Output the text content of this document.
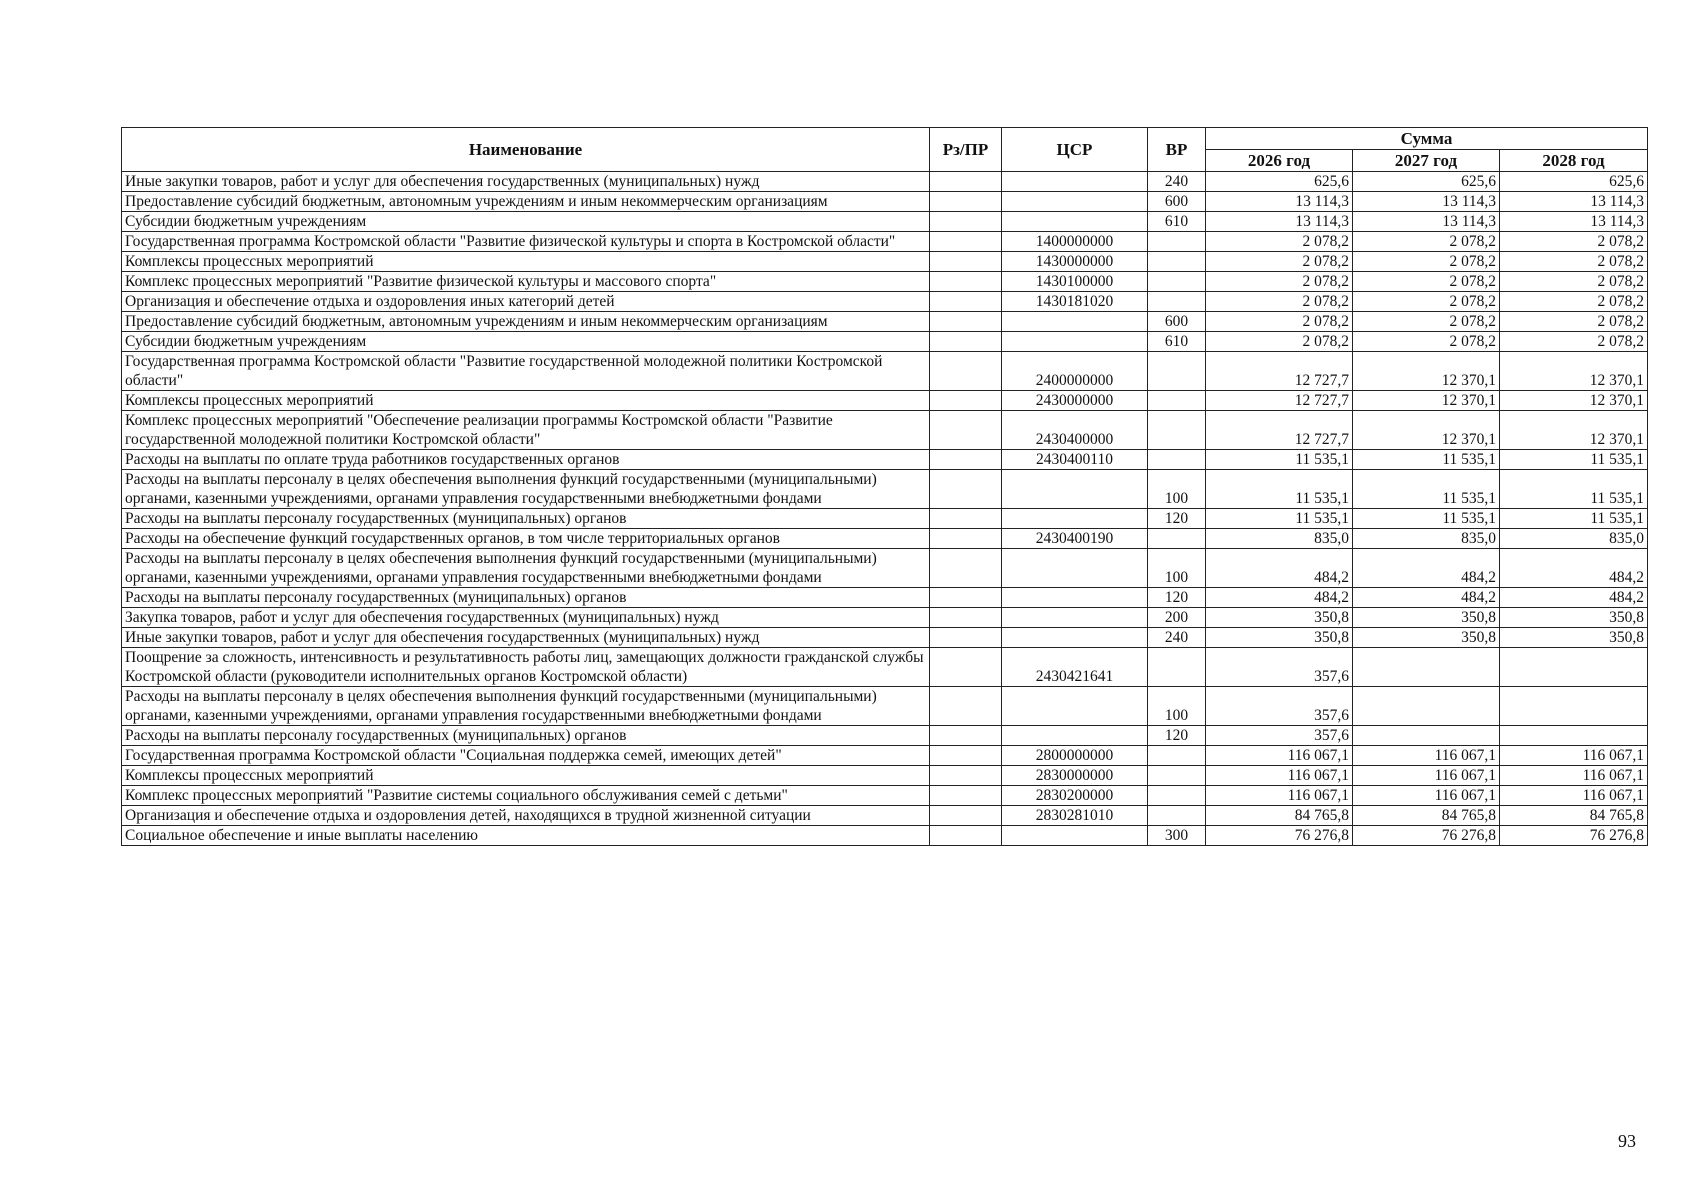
Наименование	Рз/ПР	ЦСР	ВР	Сумма		
				2026 год	2027 год	2028 год
Иные закупки товаров, работ и услуг для обеспечения государственных (муниципальных) нужд			240	625,6	625,6	625,6
Предоставление субсидий бюджетным, автономным учреждениям и иным некоммерческим организациям			600	13 114,3	13 114,3	13 114,3
Субсидии бюджетным учреждениям			610	13 114,3	13 114,3	13 114,3
Государственная программа Костромской области "Развитие физической культуры и спорта в Костромской области"		1400000000		2 078,2	2 078,2	2 078,2
Комплексы процессных мероприятий		1430000000		2 078,2	2 078,2	2 078,2
Комплекс процессных мероприятий "Развитие физической культуры и массового спорта"		1430100000		2 078,2	2 078,2	2 078,2
Организация и обеспечение отдыха и оздоровления иных категорий детей		1430181020		2 078,2	2 078,2	2 078,2
Предоставление субсидий бюджетным, автономным учреждениям и иным некоммерческим организациям			600	2 078,2	2 078,2	2 078,2
Субсидии бюджетным учреждениям			610	2 078,2	2 078,2	2 078,2
Государственная программа Костромской области "Развитие государственной молодежной политики Костромской области"		2400000000		12 727,7	12 370,1	12 370,1
Комплексы процессных мероприятий		2430000000		12 727,7	12 370,1	12 370,1
Комплекс процессных мероприятий "Обеспечение реализации программы Костромской области "Развитие государственной молодежной политики Костромской области"		2430400000		12 727,7	12 370,1	12 370,1
Расходы на выплаты по оплате труда работников государственных органов		2430400110		11 535,1	11 535,1	11 535,1
Расходы на выплаты персоналу в целях обеспечения выполнения функций государственными (муниципальными) органами, казенными учреждениями, органами управления государственными внебюджетными фондами			100	11 535,1	11 535,1	11 535,1
Расходы на выплаты персоналу государственных (муниципальных) органов			120	11 535,1	11 535,1	11 535,1
Расходы на обеспечение функций государственных органов, в том числе территориальных органов		2430400190		835,0	835,0	835,0
Расходы на выплаты персоналу в целях обеспечения выполнения функций государственными (муниципальными) органами, казенными учреждениями, органами управления государственными внебюджетными фондами			100	484,2	484,2	484,2
Расходы на выплаты персоналу государственных (муниципальных) органов			120	484,2	484,2	484,2
Закупка товаров, работ и услуг для обеспечения государственных (муниципальных) нужд			200	350,8	350,8	350,8
Иные закупки товаров, работ и услуг для обеспечения государственных (муниципальных) нужд			240	350,8	350,8	350,8
Поощрение за сложность, интенсивность и результативность работы лиц, замещающих должности гражданской службы Костромской области (руководители исполнительных органов Костромской области)		2430421641		357,6		
Расходы на выплаты персоналу в целях обеспечения выполнения функций государственными (муниципальными) органами, казенными учреждениями, органами управления государственными внебюджетными фондами			100	357,6		
Расходы на выплаты персоналу государственных (муниципальных) органов			120	357,6		
Государственная программа Костромской области "Социальная поддержка семей, имеющих детей"		2800000000		116 067,1	116 067,1	116 067,1
Комплексы процессных мероприятий		2830000000		116 067,1	116 067,1	116 067,1
Комплекс процессных мероприятий "Развитие системы социального обслуживания семей с детьми"		2830200000		116 067,1	116 067,1	116 067,1
Организация и обеспечение отдыха и оздоровления детей, находящихся в трудной жизненной ситуации		2830281010		84 765,8	84 765,8	84 765,8
Социальное обеспечение и иные выплаты населению			300	76 276,8	76 276,8	76 276,8
93
